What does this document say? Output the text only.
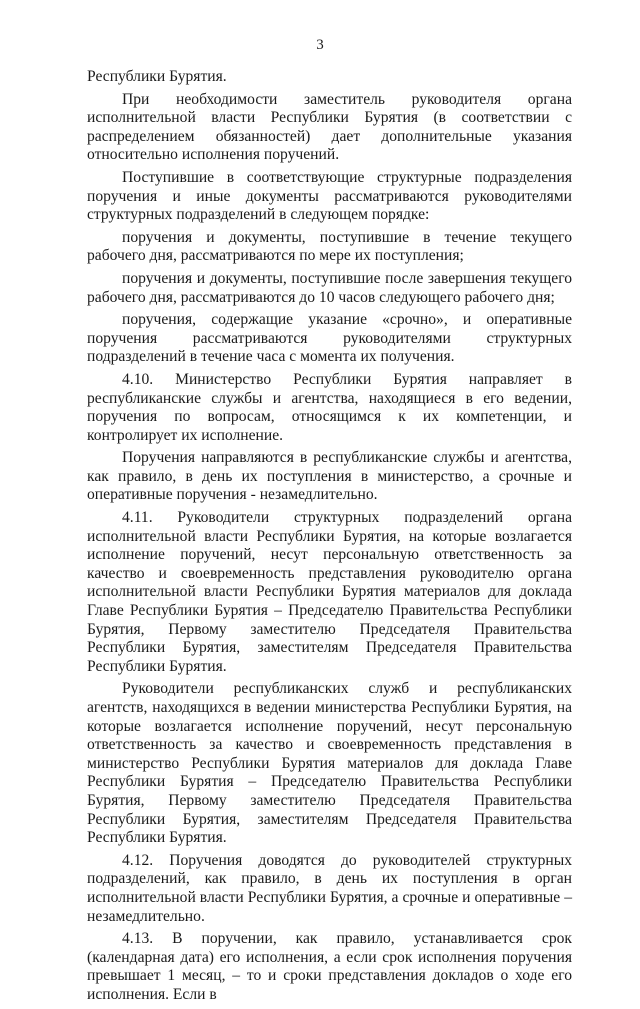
3

Республики Бурятия.

При необходимости заместитель руководителя органа исполнительной власти Республики Бурятия (в соответствии с распределением обязанностей) дает дополнительные указания относительно исполнения поручений.

Поступившие в соответствующие структурные подразделения поручения и иные документы рассматриваются руководителями структурных подразделений в следующем порядке:

поручения и документы, поступившие в течение текущего рабочего дня, рассматриваются по мере их поступления;

поручения и документы, поступившие после завершения текущего рабочего дня, рассматриваются до 10 часов следующего рабочего дня;

поручения, содержащие указание «срочно», и оперативные поручения рассматриваются руководителями структурных подразделений в течение часа с момента их получения.

4.10. Министерство Республики Бурятия направляет в республиканские службы и агентства, находящиеся в его ведении, поручения по вопросам, относящимся к их компетенции, и контролирует их исполнение.

Поручения направляются в республиканские службы и агентства, как правило, в день их поступления в министерство, а срочные и оперативные поручения - незамедлительно.

4.11. Руководители структурных подразделений органа исполнительной власти Республики Бурятия, на которые возлагается исполнение поручений, несут персональную ответственность за качество и своевременность представления руководителю органа исполнительной власти Республики Бурятия материалов для доклада Главе Республики Бурятия – Председателю Правительства Республики Бурятия, Первому заместителю Председателя Правительства Республики Бурятия, заместителям Председателя Правительства Республики Бурятия.

Руководители республиканских служб и республиканских агентств, находящихся в ведении министерства Республики Бурятия, на которые возлагается исполнение поручений, несут персональную ответственность за качество и своевременность представления в министерство Республики Бурятия материалов для доклада Главе Республики Бурятия – Председателю Правительства Республики Бурятия, Первому заместителю Председателя Правительства Республики Бурятия, заместителям Председателя Правительства Республики Бурятия.

4.12. Поручения доводятся до руководителей структурных подразделений, как правило, в день их поступления в орган исполнительной власти Республики Бурятия, а срочные и оперативные – незамедлительно.

4.13. В поручении, как правило, устанавливается срок (календарная дата) его исполнения, а если срок исполнения поручения превышает 1 месяц, – то и сроки представления докладов о ходе его исполнения. Если в
